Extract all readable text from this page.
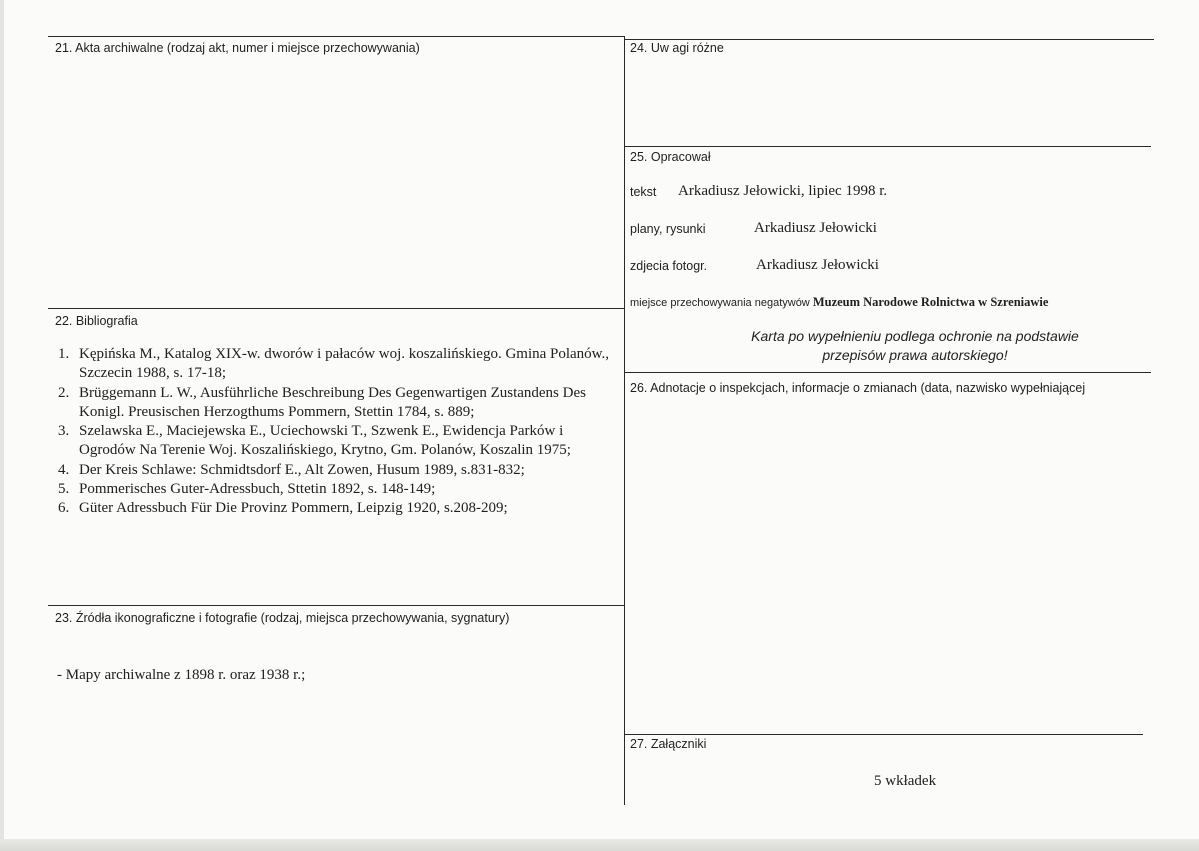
21. Akta archiwalne (rodzaj akt, numer i miejsce przechowywania)
22. Bibliografia
1. Kępińska M., Katalog XIX-w. dworów i pałaców woj. koszalińskiego. Gmina Polanów., Szczecin 1988, s. 17-18;
2. Brüggemann L. W., Ausführliche Beschreibung Des Gegenwartigen Zustandens Des Konigl. Preusischen Herzogthums Pommern, Stettin 1784, s. 889;
3. Szelawska E., Maciejewska E., Uciechowski T., Szwenk E., Ewidencja Parków i Ogrodów Na Terenie Woj. Koszalińskiego, Krytno, Gm. Polanów, Koszalin 1975;
4. Der Kreis Schlawe: Schmidtsdorf E., Alt Zowen, Husum 1989, s.831-832;
5. Pommerisches Guter-Adressbuch, Sttetin 1892, s. 148-149;
6. Güter Adressbuch Für Die Provinz Pommern, Leipzig 1920, s.208-209;
23. Źródła ikonograficzne i fotografie (rodzaj, miejsca przechowywania, sygnatury)
- Mapy archiwalne z 1898 r. oraz 1938 r.;
24. Uw agi różne
25. Opracował
tekst Arkadiusz Jełowicki, lipiec 1998 r.
plany, rysunki	Arkadiusz Jełowicki
zdjecia fotogr.	Arkadiusz Jełowicki
miejsce przechowywania negatywów Muzeum Narodowe Rolnictwa w Szreniawie
Karta po wypełnieniu podlega ochronie na podstawie
przepisów prawa autorskiego!
26. Adnotacje o inspekcjach, informacje o zmianach (data, nazwisko wypełniającej
27. Załączniki
5 wkładek
